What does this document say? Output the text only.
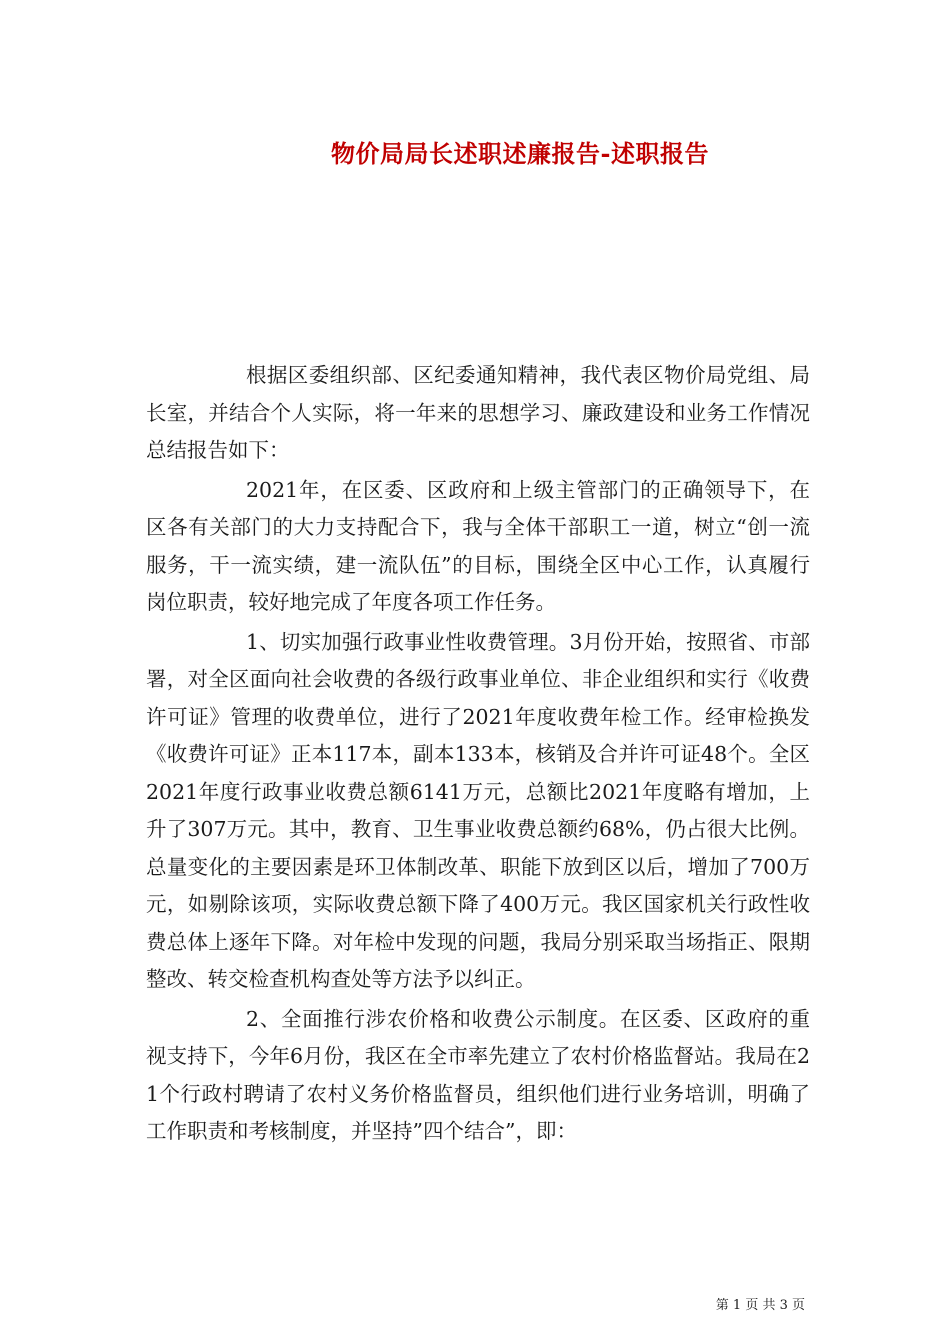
物价局局长述职述廉报告-述职报告

根据区委组织部、区纪委通知精神，我代表区物价局党组、局长室，并结合个人实际，将一年来的思想学习、廉政建设和业务工作情况总结报告如下：

2021年，在区委、区政府和上级主管部门的正确领导下，在区各有关部门的大力支持配合下，我与全体干部职工一道，树立“创一流服务，干一流实绩，建一流队伍”的目标，围绕全区中心工作，认真履行岗位职责，较好地完成了年度各项工作任务。

1、切实加强行政事业性收费管理。3月份开始，按照省、市部署，对全区面向社会收费的各级行政事业单位、非企业组织和实行《收费许可证》管理的收费单位，进行了2021年度收费年检工作。经审检换发《收费许可证》正本117本，副本133本，核销及合并许可证48个。全区2021年度行政事业收费总额6141万元，总额比2021年度略有增加，上升了307万元。其中，教育、卫生事业收费总额约68%，仍占很大比例。总量变化的主要因素是环卫体制改革、职能下放到区以后，增加了700万元，如剔除该项，实际收费总额下降了400万元。我区国家机关行政性收费总体上逐年下降。对年检中发现的问题，我局分别采取当场指正、限期整改、转交检查机构查处等方法予以纠正。

2、全面推行涉农价格和收费公示制度。在区委、区政府的重视支持下，今年6月份，我区在全市率先建立了农村价格监督站。我局在21个行政村聘请了农村义务价格监督员，组织他们进行业务培训，明确了工作职责和考核制度，并坚持”四个结合”，即：

第 1 页 共 3 页
